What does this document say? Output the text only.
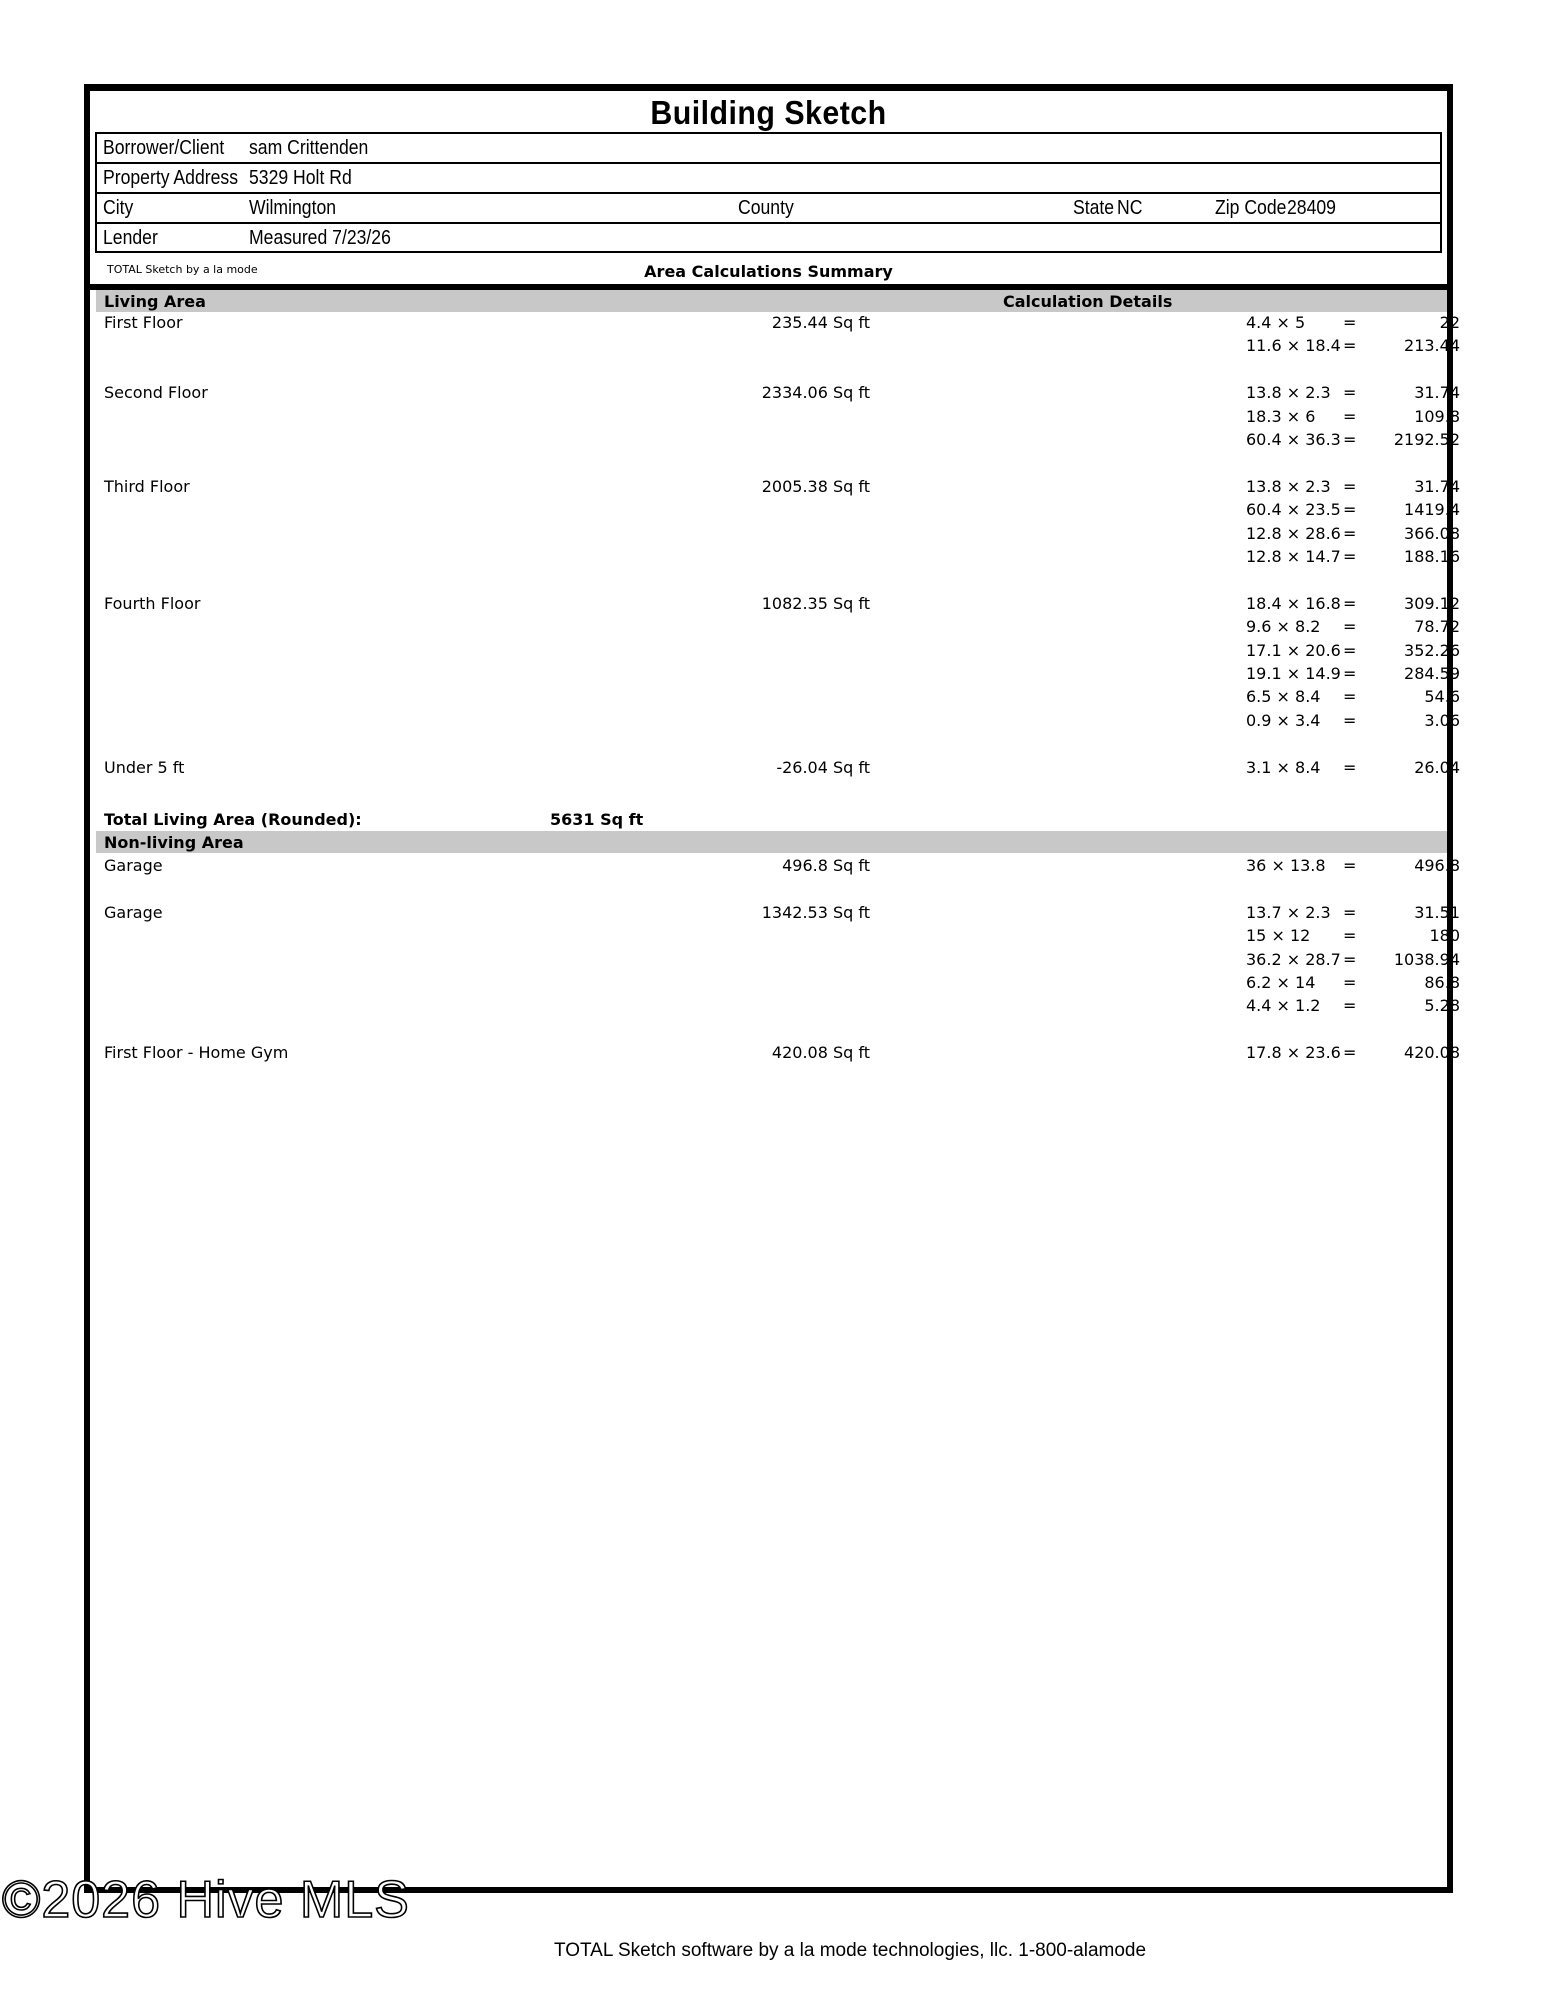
Building Sketch
Borrower/Client sam Crittenden
Property Address 5329 Holt Rd
City	Wilmington	County	State NC	Zip Code 28409
Lender	Measured 7/23/26
TOTAL Sketch by a la mode	Area Calculations Summary
Living Area	Calculation Details
First Floor	235.44 Sq ft	4.4 × 5 =	22
11.6 × 18.4 =	213.44
Second Floor	2334.06 Sq ft	13.8 × 2.3 =	31.74
18.3 × 6 =	109.8
60.4 × 36.3 =	2192.52
Third Floor	2005.38 Sq ft	13.8 × 2.3 =	31.74
60.4 × 23.5 =	1419.4
12.8 × 28.6 =	366.08
12.8 × 14.7 =	188.16
Fourth Floor	1082.35 Sq ft	18.4 × 16.8 =	309.12
9.6 × 8.2 =	78.72
17.1 × 20.6 =	352.26
19.1 × 14.9 =	284.59
6.5 × 8.4 =	54.6
0.9 × 3.4 =	3.06
Under 5 ft	-26.04 Sq ft	3.1 × 8.4 =	26.04
Total Living Area (Rounded):	5631 Sq ft
Non-living Area
Garage	496.8 Sq ft	36 × 13.8 =	496.8
Garage	1342.53 Sq ft	13.7 × 2.3 =	31.51
15 × 12 =	180
36.2 × 28.7 =	1038.94
6.2 × 14 =	86.8
4.4 × 1.2 =	5.28
First Floor - Home Gym	420.08 Sq ft	17.8 × 23.6 =	420.08
©2026 Hive MLS
TOTAL Sketch software by a la mode technologies, llc. 1-800-alamode
